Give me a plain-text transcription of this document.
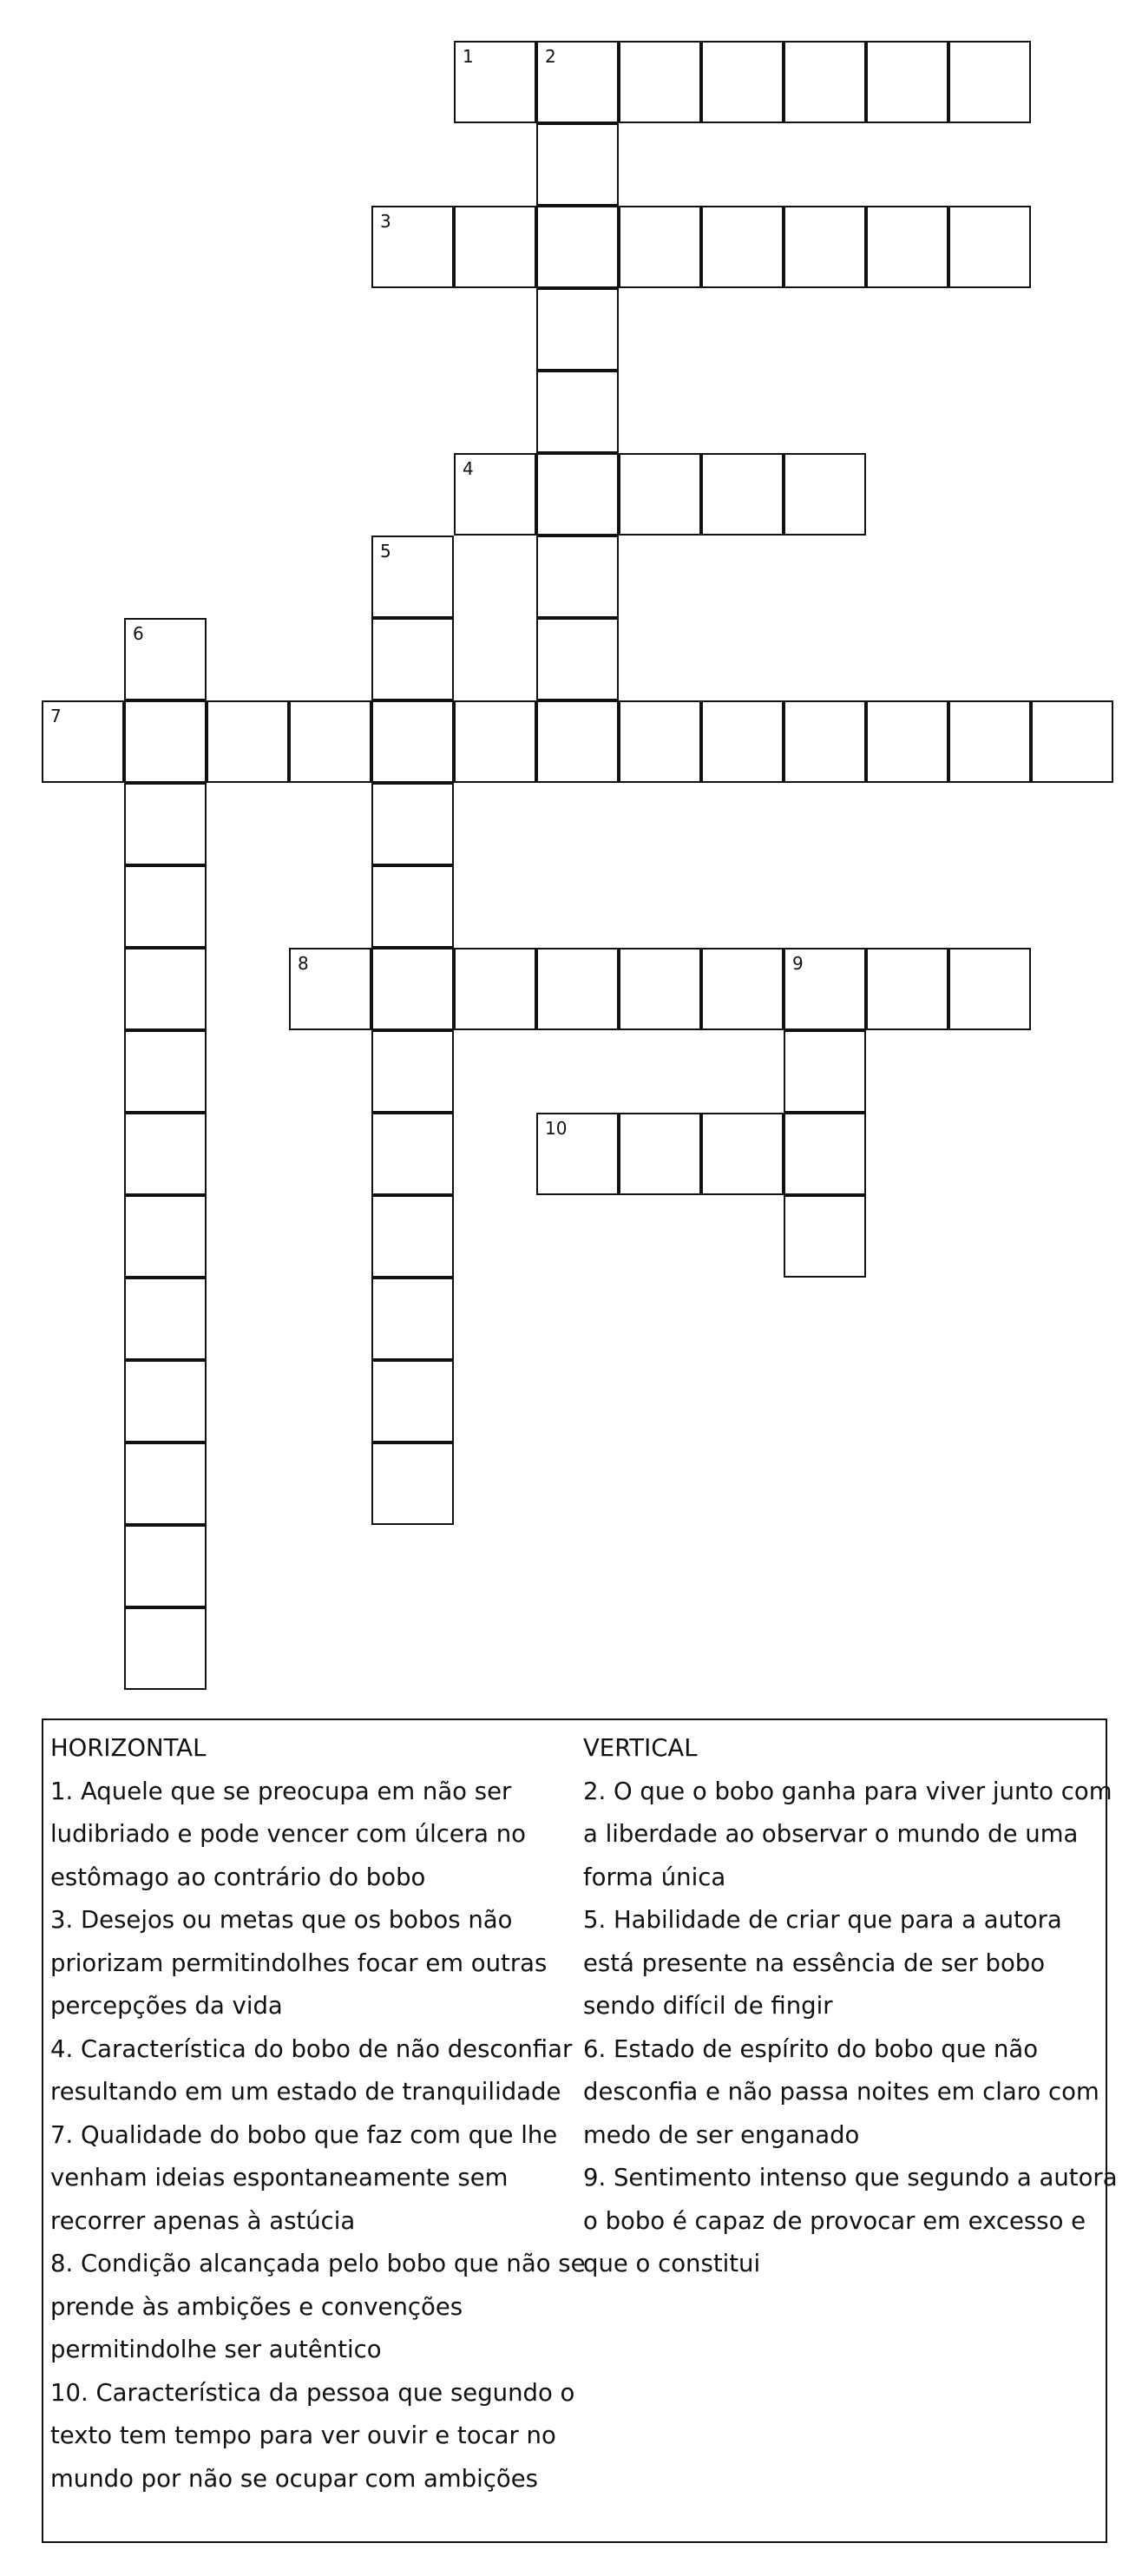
1	2
3
4
5
6
7
8	9
10
HORIZONTAL
1. Aquele que se preocupa em não ser
ludibriado e pode vencer com úlcera no
estômago ao contrário do bobo
3. Desejos ou metas que os bobos não
priorizam permitindolhes focar em outras
percepções da vida
4. Característica do bobo de não desconfiar
resultando em um estado de tranquilidade
7. Qualidade do bobo que faz com que lhe
venham ideias espontaneamente sem
recorrer apenas à astúcia
8. Condição alcançada pelo bobo que não se
prende às ambições e convenções
permitindolhe ser autêntico
10. Característica da pessoa que segundo o
texto tem tempo para ver ouvir e tocar no
mundo por não se ocupar com ambições
VERTICAL
2. O que o bobo ganha para viver junto com
a liberdade ao observar o mundo de uma
forma única
5. Habilidade de criar que para a autora
está presente na essência de ser bobo
sendo difícil de fingir
6. Estado de espírito do bobo que não
desconfia e não passa noites em claro com
medo de ser enganado
9. Sentimento intenso que segundo a autora
o bobo é capaz de provocar em excesso e
que o constitui
